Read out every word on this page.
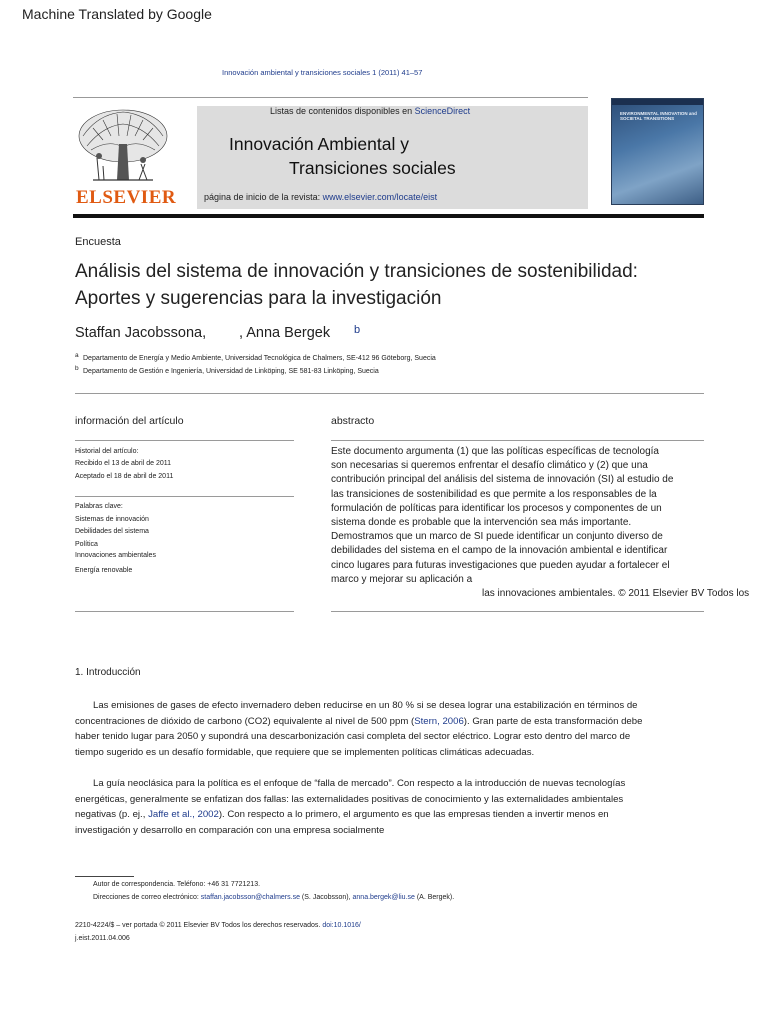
Machine Translated by Google
Innovación ambiental y transiciones sociales 1 (2011) 41–57
ELSEVIER
Listas de contenidos disponibles en ScienceDirect
Innovación Ambiental y
Transiciones sociales
página de inicio de la revista: www.elsevier.com/locate/eist
ENVIRONMENTAL INNOVATION and SOCIETAL TRANSITIONS
Encuesta
Análisis del sistema de innovación y transiciones de sostenibilidad:
Aportes y sugerencias para la investigación
Staffan Jacobssona, , Anna Bergek b
a Departamento de Energía y Medio Ambiente, Universidad Tecnológica de Chalmers, SE-412 96 Göteborg, Suecia
b Departamento de Gestión e Ingeniería, Universidad de Linköping, SE 581-83 Linköping, Suecia
información del artículo
Historial del artículo:
Recibido el 13 de abril de 2011
Aceptado el 18 de abril de 2011
Palabras clave:
Sistemas de innovación
Debilidades del sistema
Política
Innovaciones ambientales
Energía renovable
abstracto
Este documento argumenta (1) que las políticas específicas de tecnología
son necesarias si queremos enfrentar el desafío climático y (2) que una
contribución principal del análisis del sistema de innovación (SI) al estudio de
las transiciones de sostenibilidad es que permite a los responsables de la
formulación de políticas para identificar los procesos y componentes de un
sistema donde es probable que la intervención sea más importante.
Demostramos que un marco de SI puede identificar un conjunto diverso de
debilidades del sistema en el campo de la innovación ambiental e identificar
cinco lugares para futuras investigaciones que pueden ayudar a fortalecer el
marco y mejorar su aplicación a
las innovaciones ambientales. © 2011 Elsevier BV Todos los
1. Introducción
Las emisiones de gases de efecto invernadero deben reducirse en un 80 % si se desea lograr una estabilización en términos de
concentraciones de dióxido de carbono (CO2) equivalente al nivel de 500 ppm (Stern, 2006). Gran parte de esta transformación debe
haber tenido lugar para 2050 y supondrá una descarbonización casi completa del sector eléctrico. Lograr esto dentro del marco de
tiempo sugerido es un desafío formidable, que requiere que se implementen políticas climáticas adecuadas.
La guía neoclásica para la política es el enfoque de “falla de mercado”. Con respecto a la introducción de nuevas tecnologías
energéticas, generalmente se enfatizan dos fallas: las externalidades positivas de conocimiento y las externalidades ambientales
negativas (p. ej., Jaffe et al., 2002). Con respecto a lo primero, el argumento es que las empresas tienden a invertir menos en
investigación y desarrollo en comparación con una empresa socialmente
Autor de correspondencia. Teléfono: +46 31 7721213.
Direcciones de correo electrónico: staffan.jacobsson@chalmers.se (S. Jacobsson), anna.bergek@liu.se (A. Bergek).
2210-4224/$ – ver portada © 2011 Elsevier BV Todos los derechos reservados. doi:10.1016/
j.eist.2011.04.006
